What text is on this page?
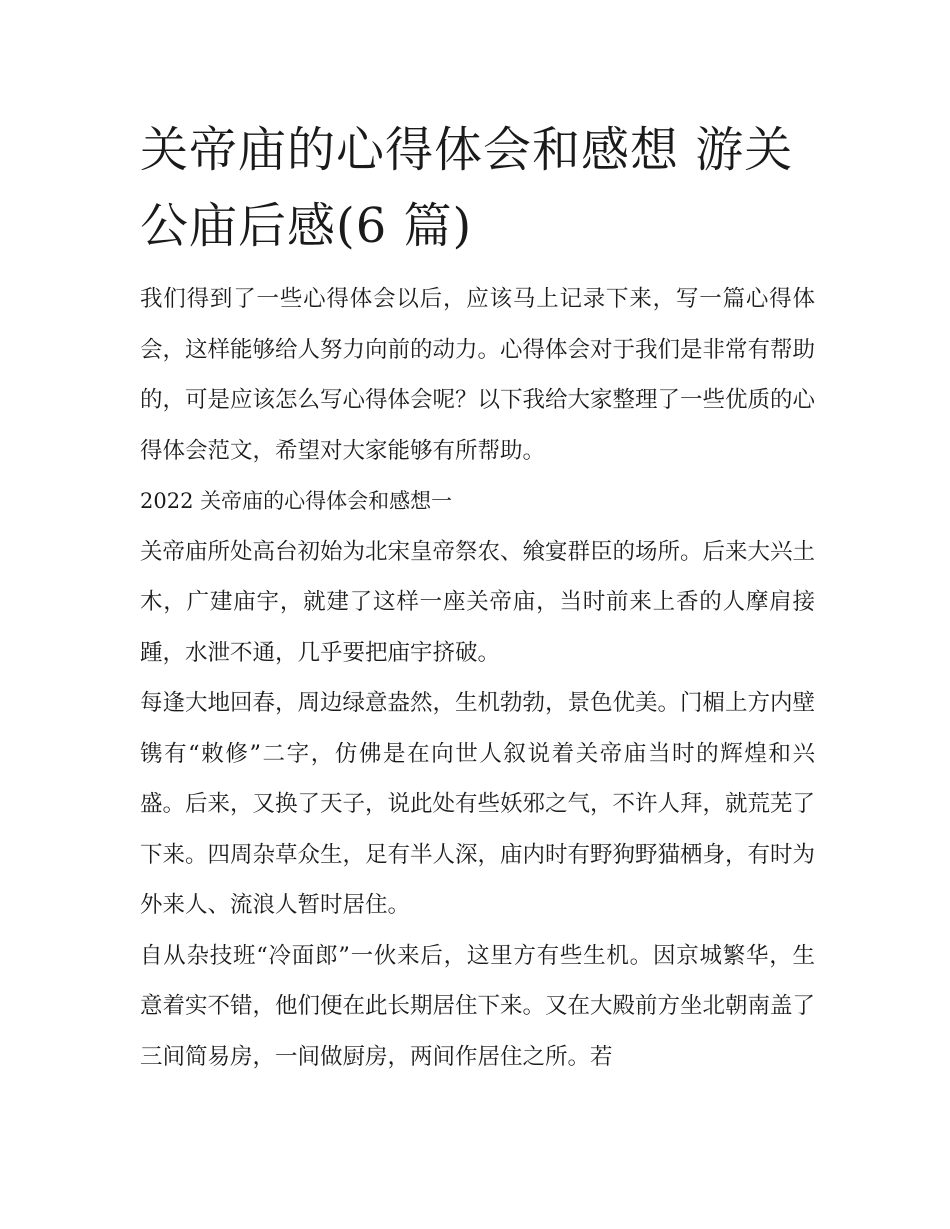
关帝庙的心得体会和感想 游关公庙后感(6 篇)

我们得到了一些心得体会以后，应该马上记录下来，写一篇心得体会，这样能够给人努力向前的动力。心得体会对于我们是非常有帮助的，可是应该怎么写心得体会呢？以下我给大家整理了一些优质的心得体会范文，希望对大家能够有所帮助。

2022 关帝庙的心得体会和感想一

关帝庙所处高台初始为北宋皇帝祭农、飨宴群臣的场所。后来大兴土木，广建庙宇，就建了这样一座关帝庙，当时前来上香的人摩肩接踵，水泄不通，几乎要把庙宇挤破。

每逢大地回春，周边绿意盎然，生机勃勃，景色优美。门楣上方内壁镌有“敕修”二字，仿佛是在向世人叙说着关帝庙当时的辉煌和兴盛。后来，又换了天子，说此处有些妖邪之气，不许人拜，就荒芜了下来。四周杂草众生，足有半人深，庙内时有野狗野猫栖身，有时为外来人、流浪人暂时居住。

自从杂技班“冷面郎”一伙来后，这里方有些生机。因京城繁华，生意着实不错，他们便在此长期居住下来。又在大殿前方坐北朝南盖了三间简易房，一间做厨房，两间作居住之所。若
